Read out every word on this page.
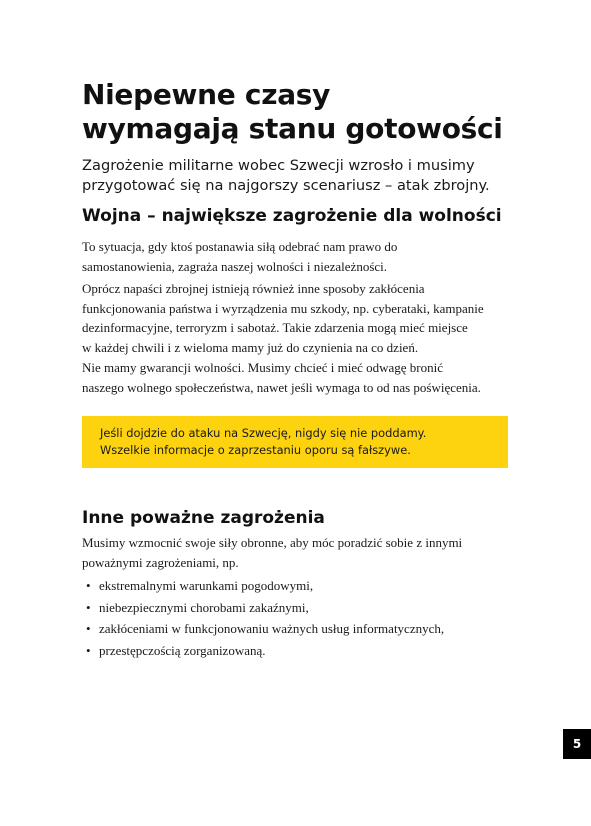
Niepewne czasy
wymagają stanu gotowości

Zagrożenie militarne wobec Szwecji wzrosło i musimy
przygotować się na najgorszy scenariusz – atak zbrojny.

Wojna – największe zagrożenie dla wolności

To sytuacja, gdy ktoś postanawia siłą odebrać nam prawo do
samostanowienia, zagraża naszej wolności i niezależności.

Oprócz napaści zbrojnej istnieją również inne sposoby zakłócenia
funkcjonowania państwa i wyrządzenia mu szkody, np. cyberataki, kampanie
dezinformacyjne, terroryzm i sabotaż. Takie zdarzenia mogą mieć miejsce
w każdej chwili i z wieloma mamy już do czynienia na co dzień.

Nie mamy gwarancji wolności. Musimy chcieć i mieć odwagę bronić
naszego wolnego społeczeństwa, nawet jeśli wymaga to od nas poświęcenia.

Jeśli dojdzie do ataku na Szwecję, nigdy się nie poddamy.
Wszelkie informacje o zaprzestaniu oporu są fałszywe.

Inne poważne zagrożenia

Musimy wzmocnić swoje siły obronne, aby móc poradzić sobie z innymi
poważnymi zagrożeniami, np.

• ekstremalnymi warunkami pogodowymi,
• niebezpiecznymi chorobami zakaźnymi,
• zakłóceniami w funkcjonowaniu ważnych usług informatycznych,
• przestępczością zorganizowaną.
5
